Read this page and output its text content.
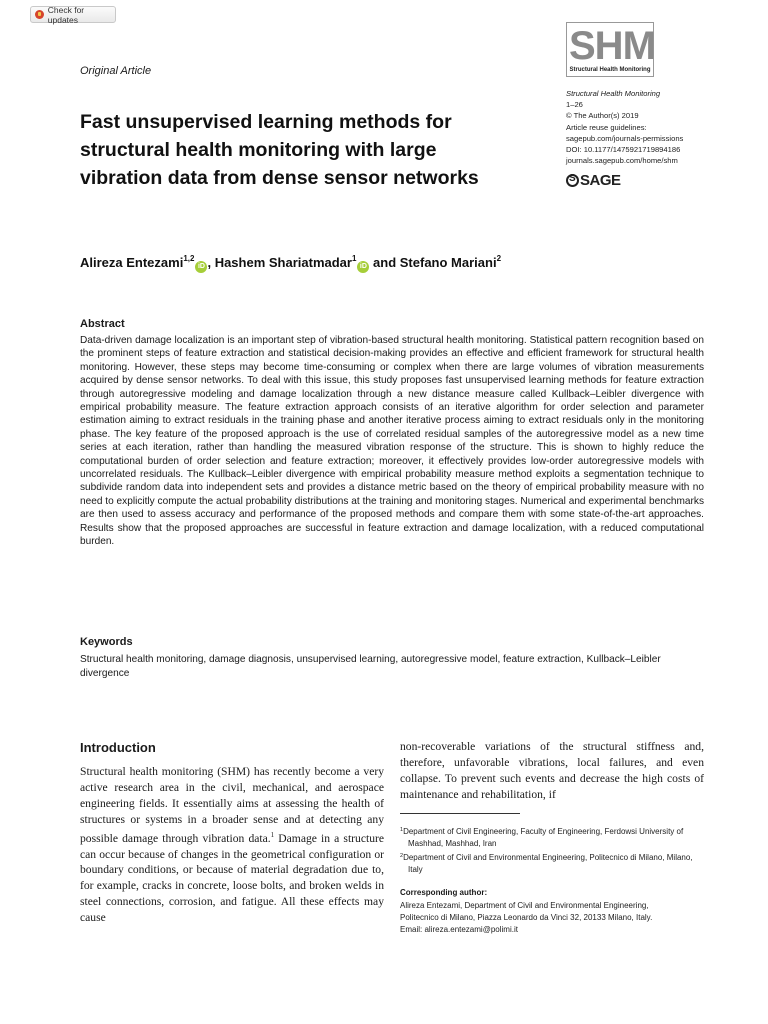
Check for updates
Original Article
SHM
Structural Health Monitoring
Structural Health Monitoring
1–26
© The Author(s) 2019
Article reuse guidelines:
sagepub.com/journals-permissions
DOI: 10.1177/1475921719894186
journals.sagepub.com/home/shm
S
SAGE
Fast unsupervised learning methods for structural health monitoring with large vibration data from dense sensor networks
Alireza Entezami$^{1,2}$iD , Hashem Shariatmadar$^1$iD and Stefano Mariani$^2$
Abstract
Data-driven damage localization is an important step of vibration-based structural health monitoring. Statistical pattern recognition based on the prominent steps of feature extraction and statistical decision-making provides an effective and efficient framework for structural health monitoring. However, these steps may become time-consuming or complex when there are large volumes of vibration measurements acquired by dense sensor networks. To deal with this issue, this study proposes fast unsupervised learning methods for feature extraction through autoregressive modeling and damage localization through a new distance measure called Kullback–Leibler divergence with empirical probability measure. The feature extraction approach consists of an iterative algorithm for order selection and parameter estimation aiming to extract residuals in the training phase and another iterative process aiming to extract residuals only in the monitoring phase. The key feature of the proposed approach is the use of correlated residual samples of the autoregressive model as a new time series at each iteration, rather than handling the measured vibration response of the structure. This is shown to highly reduce the computational burden of order selection and feature extraction; moreover, it effectively provides low-order autoregressive models with uncorrelated residuals. The Kullback–Leibler divergence with empirical probability measure method exploits a segmentation technique to subdivide random data into independent sets and provides a distance metric based on the theory of empirical probability measure with no need to explicitly compute the actual probability distributions at the training and monitoring stages. Numerical and experimental benchmarks are then used to assess accuracy and performance of the proposed methods and compare them with some state-of-the-art approaches. Results show that the proposed approaches are successful in feature extraction and damage localization, with a reduced computational burden.
Keywords
Structural health monitoring, damage diagnosis, unsupervised learning, autoregressive model, feature extraction, Kullback–Leibler divergence
Introduction
Structural health monitoring (SHM) has recently become a very active research area in the civil, mechanical, and aerospace engineering fields. It essentially aims at assessing the health of structures or systems in a broader sense and at detecting any possible damage through vibration data.$^1$ Damage in a structure can occur because of changes in the geometrical configuration or boundary conditions, or because of material degradation due to, for example, cracks in concrete, loose bolts, and broken welds in steel connections, corrosion, and fatigue. All these effects may cause
non-recoverable variations of the structural stiffness and, therefore, unfavorable vibrations, local failures, and even collapse. To prevent such events and decrease the high costs of maintenance and rehabilitation, if
$^1$Department of Civil Engineering, Faculty of Engineering, Ferdowsi University of Mashhad, Mashhad, Iran
$^2$Department of Civil and Environmental Engineering, Politecnico di Milano, Milano, Italy
Corresponding author:
Alireza Entezami, Department of Civil and Environmental Engineering,
Politecnico di Milano, Piazza Leonardo da Vinci 32, 20133 Milano, Italy.
Email: alireza.entezami@polimi.it
